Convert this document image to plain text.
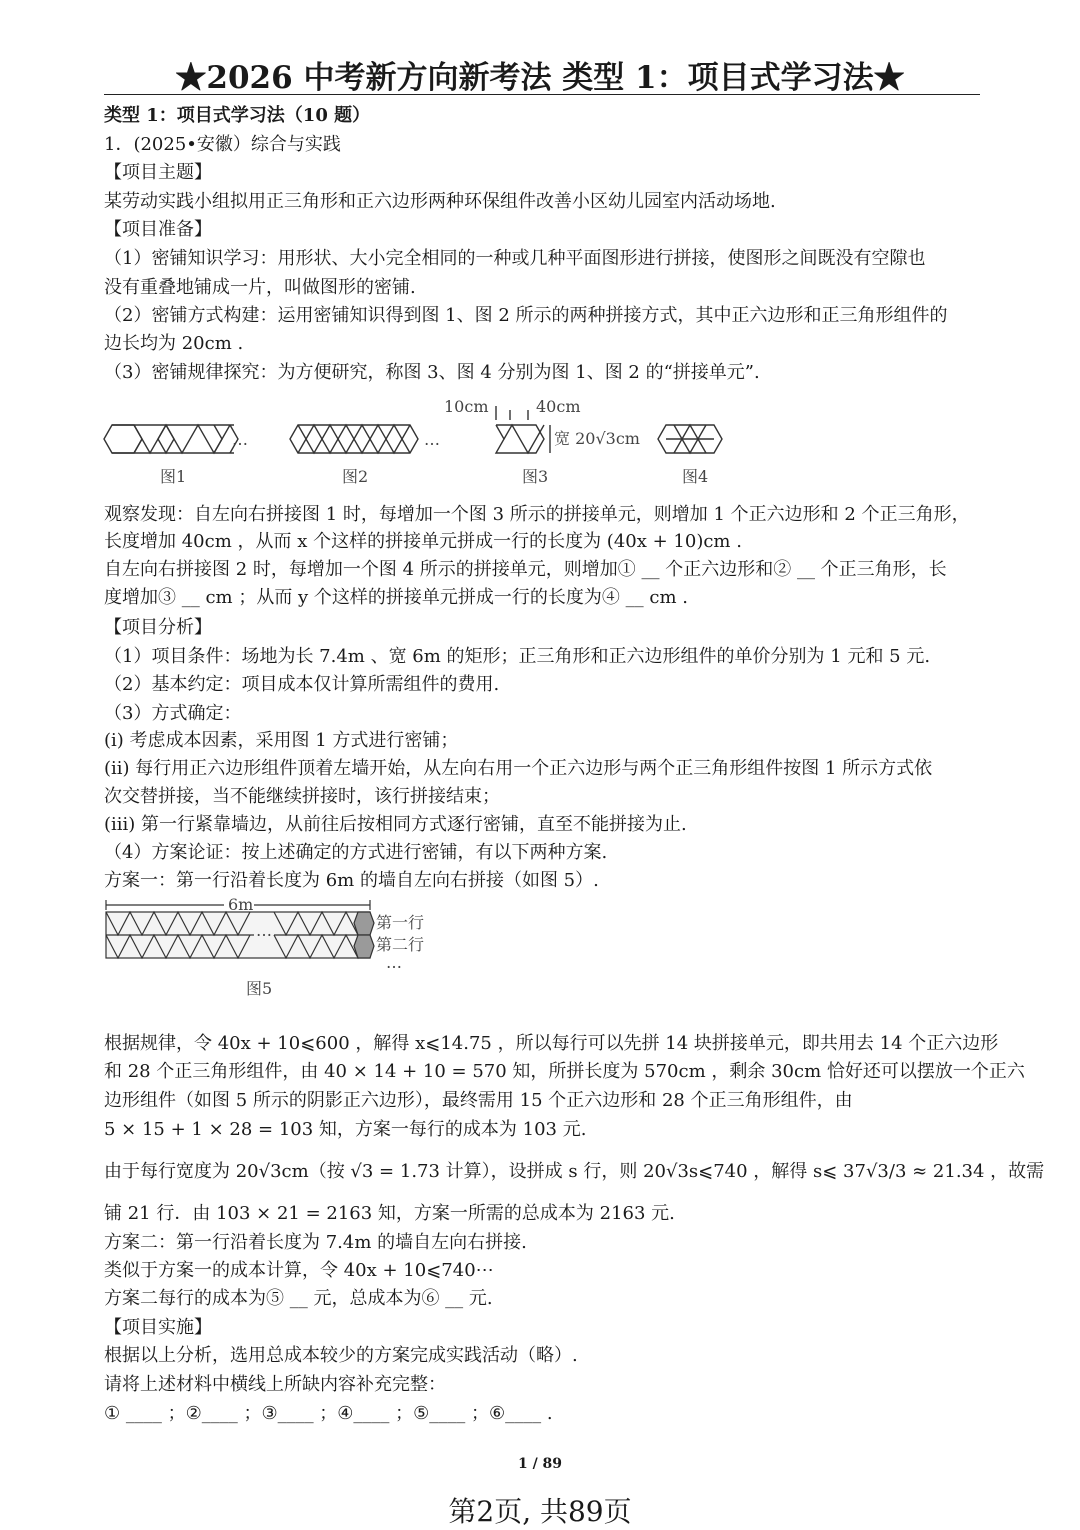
★2026 中考新方向新考法 类型 1：项目式学习法★
类型 1：项目式学习法（10 题）
1．(2025•安徽）综合与实践
【项目主题】
某劳动实践小组拟用正三角形和正六边形两种环保组件改善小区幼儿园室内活动场地.
【项目准备】
（1）密铺知识学习：用形状、大小完全相同的一种或几种平面图形进行拼接，使图形之间既没有空隙也
没有重叠地铺成一片，叫做图形的密铺.
（2）密铺方式构建：运用密铺知识得到图 1、图 2 所示的两种拼接方式，其中正六边形和正三角形组件的
边长均为 20cm .
（3）密铺规律探究：为方便研究，称图 3、图 4 分别为图 1、图 2 的“拼接单元”.
…
图1
…
图2
10cm	40cm
宽 20√3cm
图3	图4
观察发现：自左向右拼接图 1 时，每增加一个图 3 所示的拼接单元，则增加 1 个正六边形和 2 个正三角形，
长度增加 40cm ，从而 x 个这样的拼接单元拼成一行的长度为 (40x + 10)cm .
自左向右拼接图 2 时，每增加一个图 4 所示的拼接单元，则增加① __ 个正六边形和② __ 个正三角形，长
度增加③ __ cm ；从而 y 个这样的拼接单元拼成一行的长度为④ __ cm .
【项目分析】
（1）项目条件：场地为长 7.4m 、宽 6m 的矩形；正三角形和正六边形组件的单价分别为 1 元和 5 元.
（2）基本约定：项目成本仅计算所需组件的费用.
（3）方式确定：
(i) 考虑成本因素，采用图 1 方式进行密铺；
(ii) 每行用正六边形组件顶着左墙开始，从左向右用一个正六边形与两个正三角形组件按图 1 所示方式依
次交替拼接，当不能继续拼接时，该行拼接结束；
(iii) 第一行紧靠墙边，从前往后按相同方式逐行密铺，直至不能拼接为止.
（4）方案论证：按上述确定的方式进行密铺，有以下两种方案.
方案一：第一行沿着长度为 6m 的墙自左向右拼接（如图 5）.
6m
…	第一行
第二行
…
图5
根据规律，令 40x + 10⩽600 ，解得 x⩽14.75 ，所以每行可以先拼 14 块拼接单元，即共用去 14 个正六边形
和 28 个正三角形组件，由 40 × 14 + 10 = 570 知，所拼长度为 570cm ，剩余 30cm 恰好还可以摆放一个正六
边形组件（如图 5 所示的阴影正六边形），最终需用 15 个正六边形和 28 个正三角形组件，由
5 × 15 + 1 × 28 = 103 知，方案一每行的成本为 103 元.
由于每行宽度为 20√3cm（按 √3 = 1.73 计算），设拼成 s 行，则 20√3s⩽740 ，解得 s⩽ 37√3/3 ≈ 21.34 ，故需
铺 21 行．由 103 × 21 = 2163 知，方案一所需的总成本为 2163 元.
方案二：第一行沿着长度为 7.4m 的墙自左向右拼接.
类似于方案一的成本计算，令 40x + 10⩽740⋯
方案二每行的成本为⑤ __ 元，总成本为⑥ __ 元.
【项目实施】
根据以上分析，选用总成本较少的方案完成实践活动（略）.
请将上述材料中横线上所缺内容补充完整：
① ____ ；②____ ；③____ ；④____ ；⑤____ ；⑥____ .
1 / 89
第2页, 共89页
